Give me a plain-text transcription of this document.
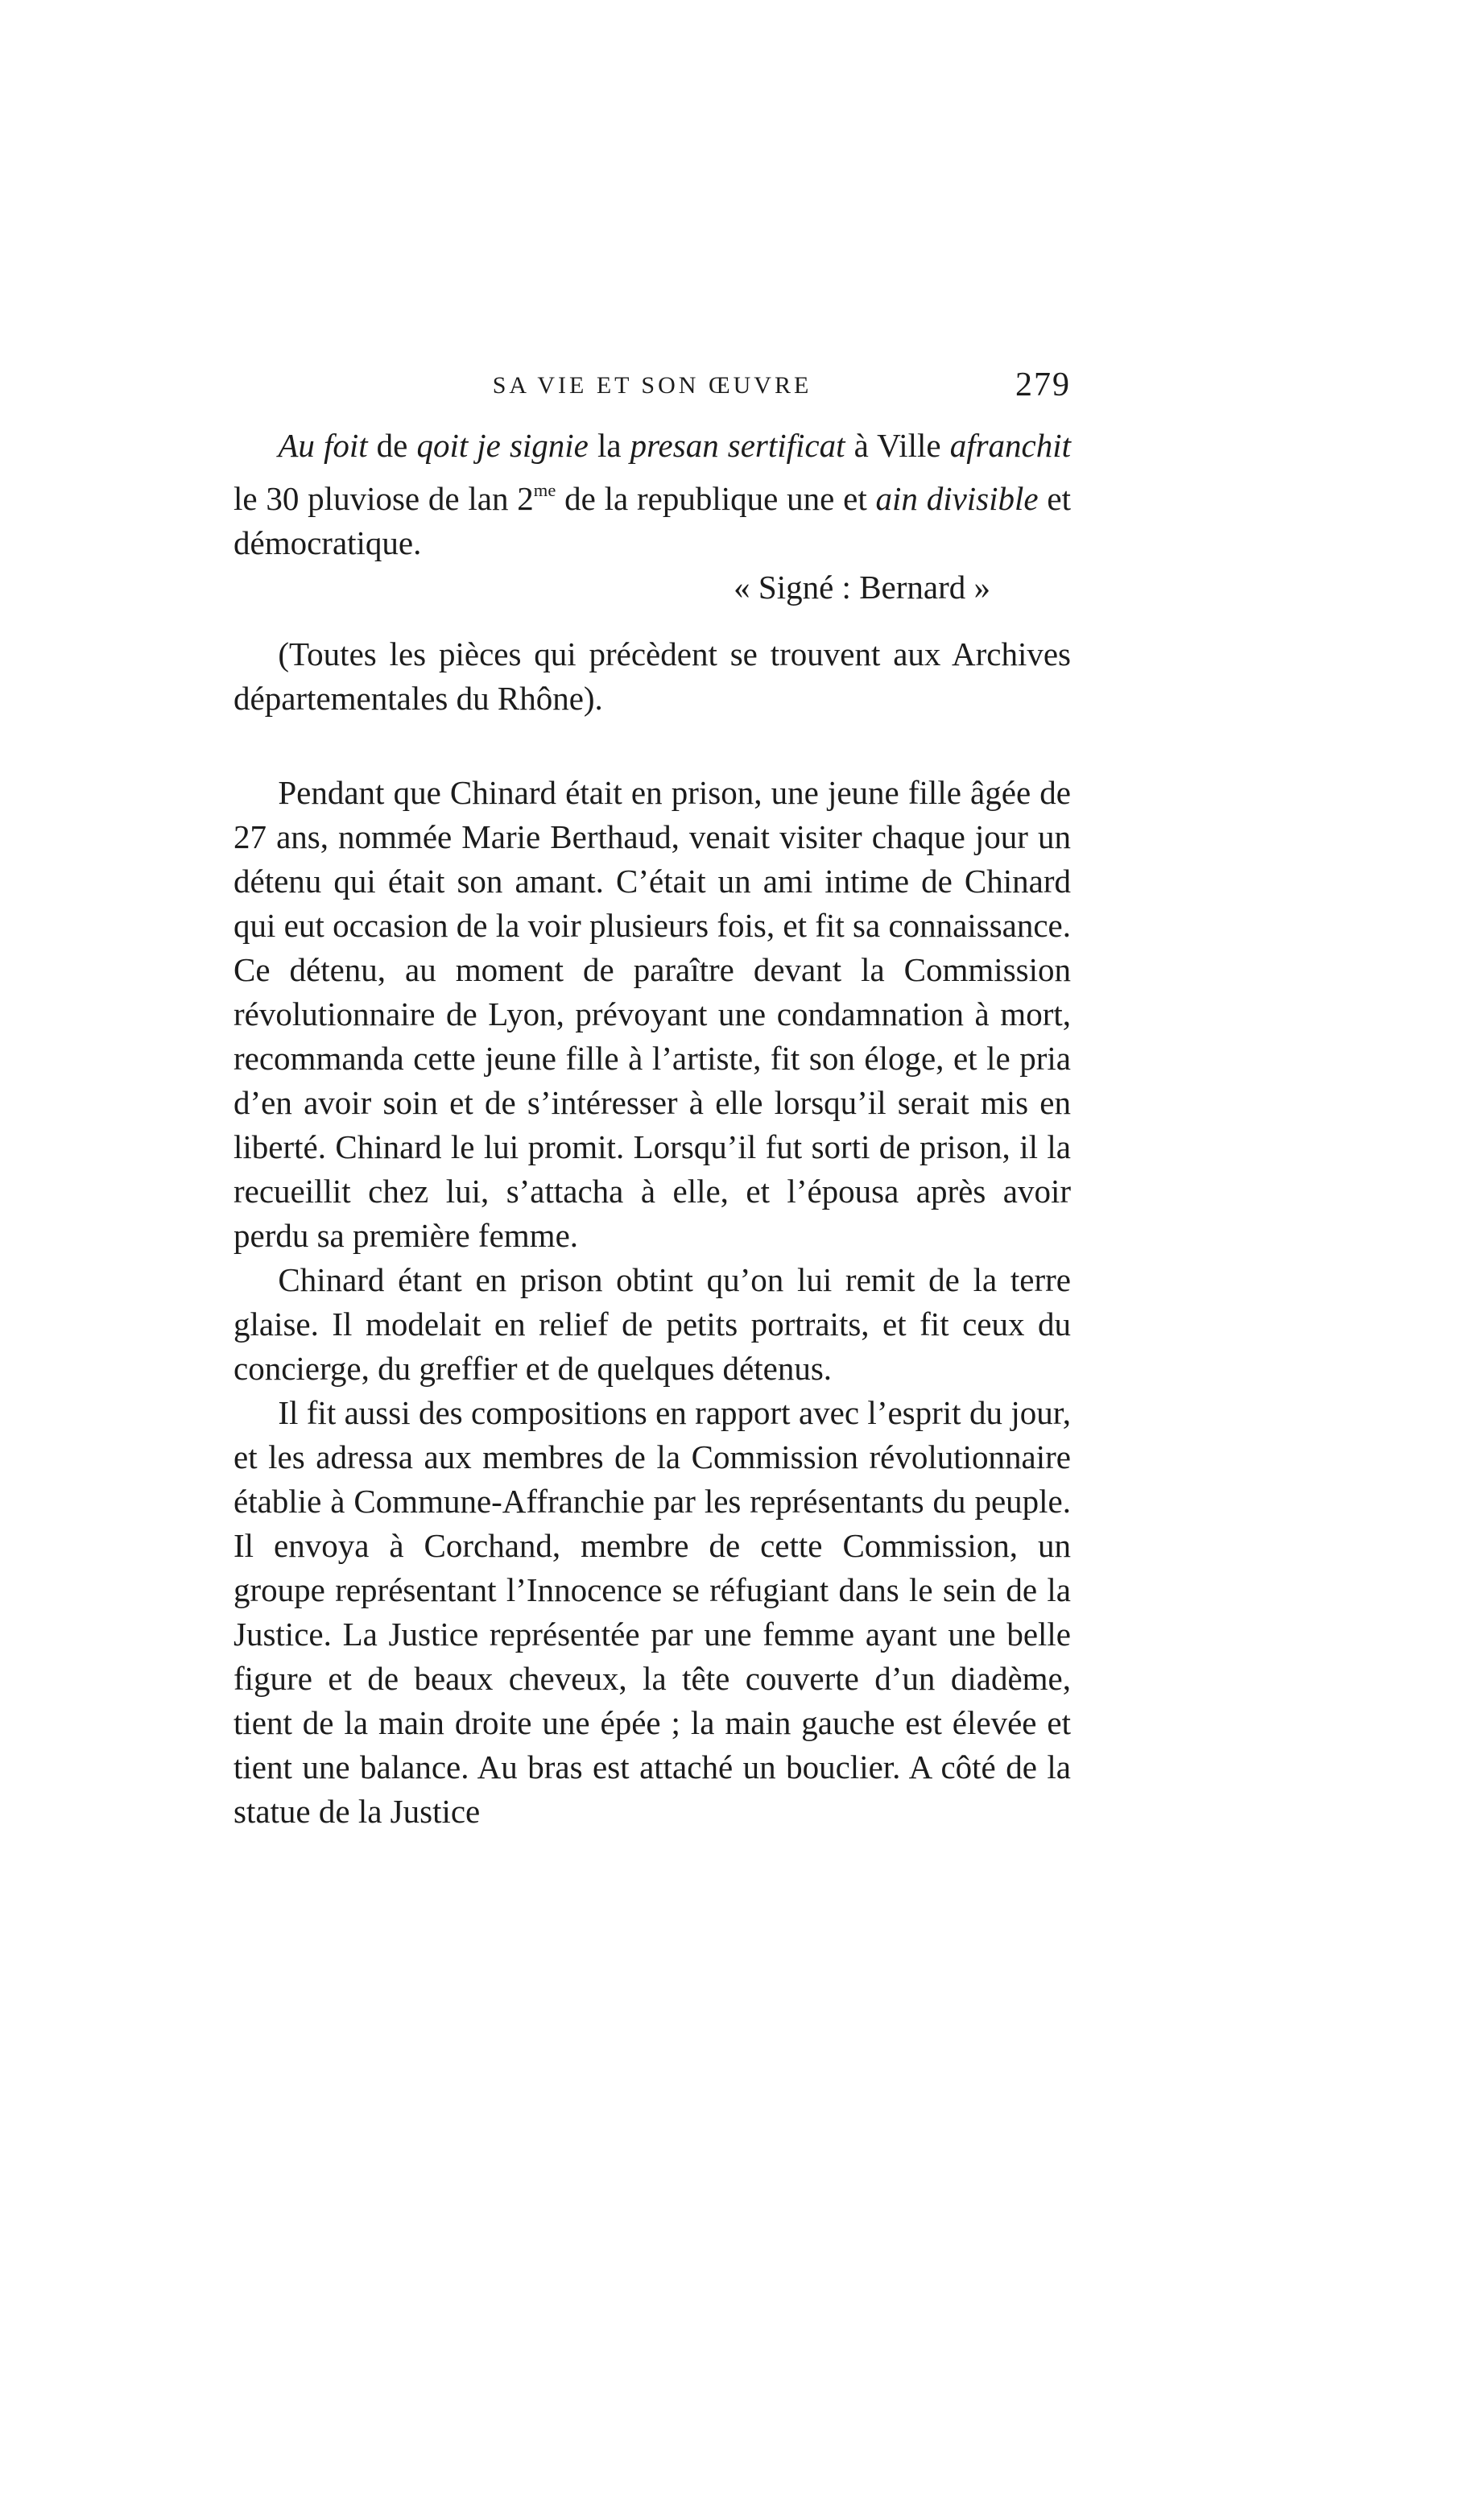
SA VIE ET SON ŒUVRE	279

Au foit de qoit je signie la presan sertificat à Ville afranchit le 30 pluviose de lan $2^{me}$ de la republique une et ain divisible et démocratique.

« Signé : Bernard »

(Toutes les pièces qui précèdent se trouvent aux Archives départementales du Rhône).

Pendant que Chinard était en prison, une jeune fille âgée de 27 ans, nommée Marie Berthaud, venait visiter chaque jour un détenu qui était son amant. C’était un ami intime de Chinard qui eut occasion de la voir plusieurs fois, et fit sa connaissance. Ce détenu, au moment de paraître devant la Commission révolutionnaire de Lyon, prévoyant une condamnation à mort, recommanda cette jeune fille à l’artiste, fit son éloge, et le pria d’en avoir soin et de s’intéresser à elle lorsqu’il serait mis en liberté. Chinard le lui promit. Lorsqu’il fut sorti de prison, il la recueillit chez lui, s’attacha à elle, et l’épousa après avoir perdu sa première femme.

Chinard étant en prison obtint qu’on lui remit de la terre glaise. Il modelait en relief de petits portraits, et fit ceux du concierge, du greffier et de quelques détenus.

Il fit aussi des compositions en rapport avec l’esprit du jour, et les adressa aux membres de la Commission révolutionnaire établie à Commune-Affranchie par les représentants du peuple. Il envoya à Corchand, membre de cette Commission, un groupe représentant l’Innocence se réfugiant dans le sein de la Justice. La Justice représentée par une femme ayant une belle figure et de beaux cheveux, la tête couverte d’un diadème, tient de la main droite une épée ; la main gauche est élevée et tient une balance. Au bras est attaché un bouclier. A côté de la statue de la Justice
